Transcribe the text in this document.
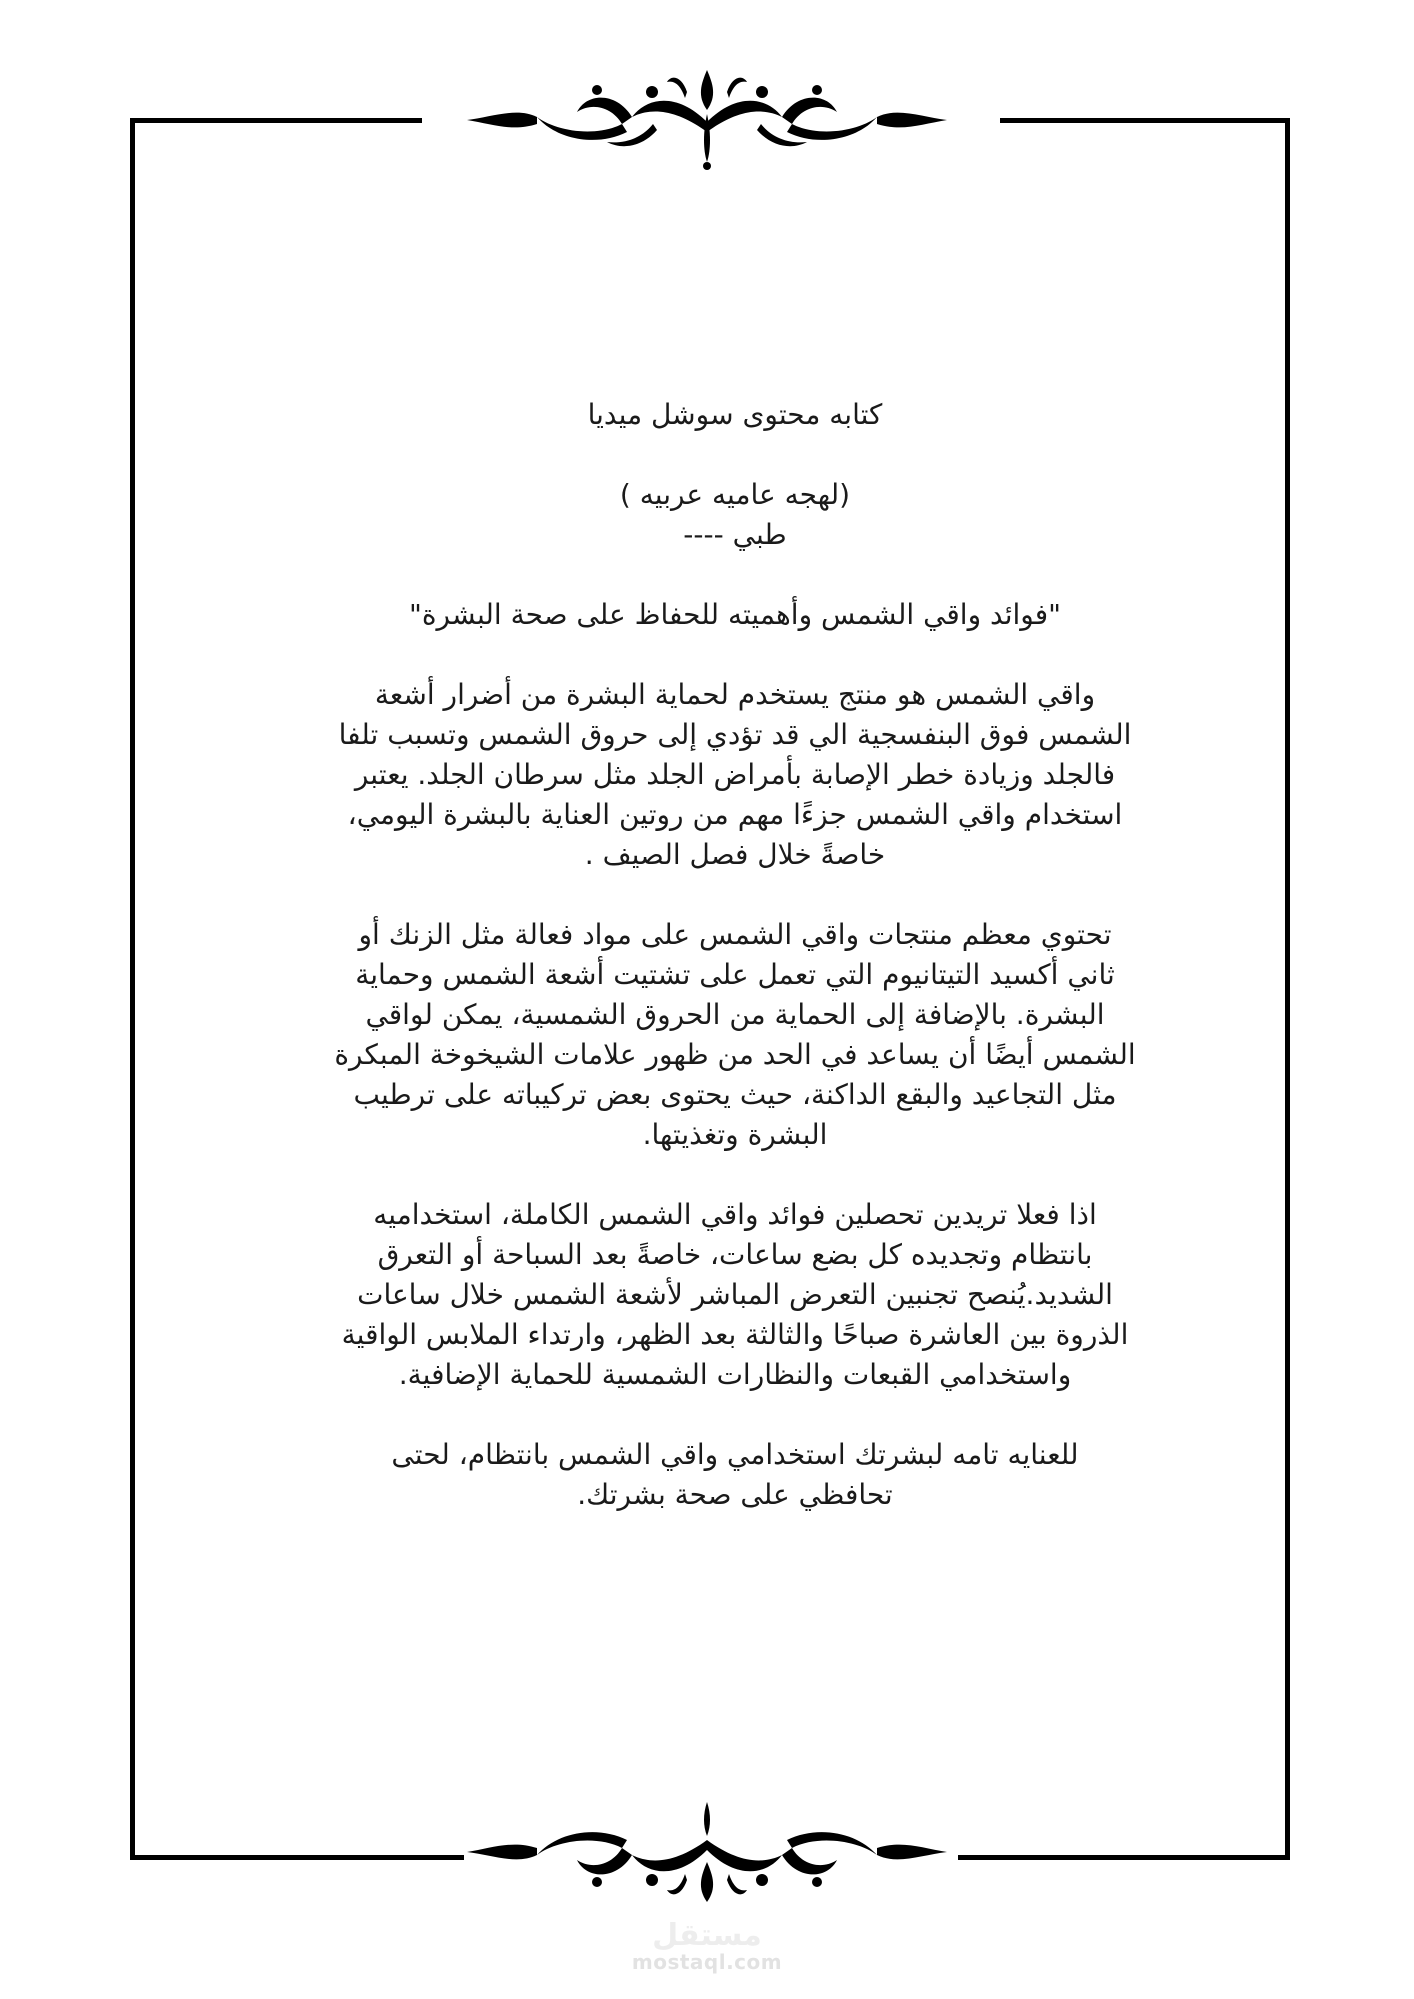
كتابه محتوى سوشل ميديا
(لهجه عاميه عربيه )
طبي ----
"فوائد واقي الشمس وأهميته للحفاظ على صحة البشرة"
واقي الشمس هو منتج يستخدم لحماية البشرة من أضرار أشعة
الشمس فوق البنفسجية الي قد تؤدي إلى حروق الشمس وتسبب تلفا
فالجلد وزيادة خطر الإصابة بأمراض الجلد مثل سرطان الجلد. يعتبر
استخدام واقي الشمس جزءًا مهم من روتين العناية بالبشرة اليومي،
خاصةً خلال فصل الصيف .
تحتوي معظم منتجات واقي الشمس على مواد فعالة مثل الزنك أو
ثاني أكسيد التيتانيوم التي تعمل على تشتيت أشعة الشمس وحماية
البشرة. بالإضافة إلى الحماية من الحروق الشمسية، يمكن لواقي
الشمس أيضًا أن يساعد في الحد من ظهور علامات الشيخوخة المبكرة
مثل التجاعيد والبقع الداكنة، حيث يحتوى بعض تركيباته على ترطيب
البشرة وتغذيتها.
اذا فعلا تريدين تحصلين فوائد واقي الشمس الكاملة، استخداميه
بانتظام وتجديده كل بضع ساعات، خاصةً بعد السباحة أو التعرق
الشديد.يُنصح تجنبين التعرض المباشر لأشعة الشمس خلال ساعات
الذروة بين العاشرة صباحًا والثالثة بعد الظهر، وارتداء الملابس الواقية
واستخدامي القبعات والنظارات الشمسية للحماية الإضافية.
للعنايه تامه لبشرتك استخدامي واقي الشمس بانتظام، لحتى
تحافظي على صحة بشرتك.
مستقل
mostaql.com
